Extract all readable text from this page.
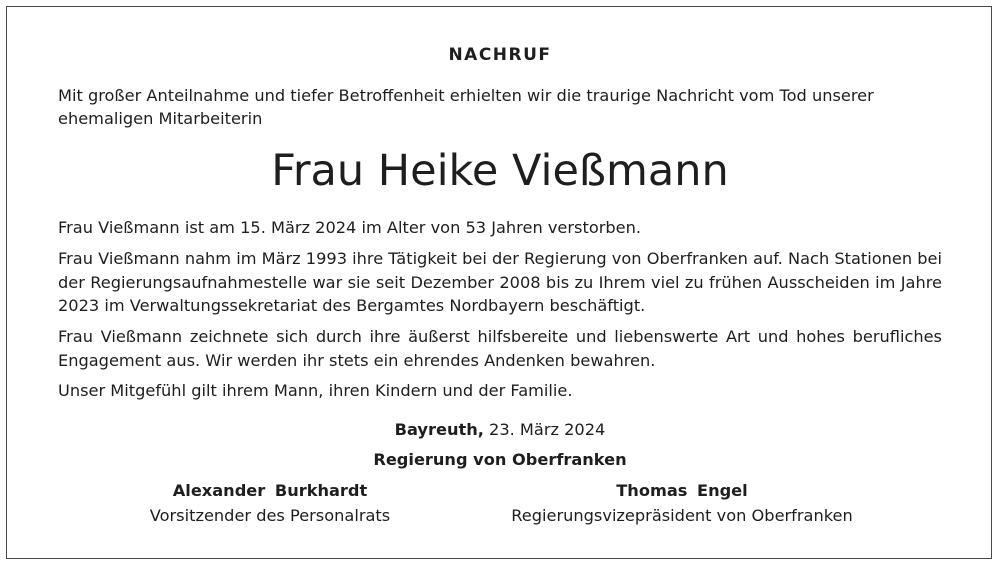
NACHRUF
Mit großer Anteilnahme und tiefer Betroffenheit erhielten wir die traurige Nachricht vom Tod unserer ehemaligen Mitarbeiterin
Frau Heike Vießmann
Frau Vießmann ist am 15. März 2024 im Alter von 53 Jahren verstorben.
Frau Vießmann nahm im März 1993 ihre Tätigkeit bei der Regierung von Oberfranken auf. Nach Stationen bei der Regierungsaufnahmestelle war sie seit Dezember 2008 bis zu Ihrem viel zu frühen Ausscheiden im Jahre 2023 im Verwaltungssekretariat des Bergamtes Nordbayern beschäftigt.
Frau Vießmann zeichnete sich durch ihre äußerst hilfsbereite und liebenswerte Art und hohes berufliches Engagement aus. Wir werden ihr stets ein ehrendes Andenken bewahren.
Unser Mitgefühl gilt ihrem Mann, ihren Kindern und der Familie.
Bayreuth, 23. März 2024
Regierung von Oberfranken
Alexander Burkhardt
Vorsitzender des Personalrats
Thomas Engel
Regierungsvizepräsident von Oberfranken
